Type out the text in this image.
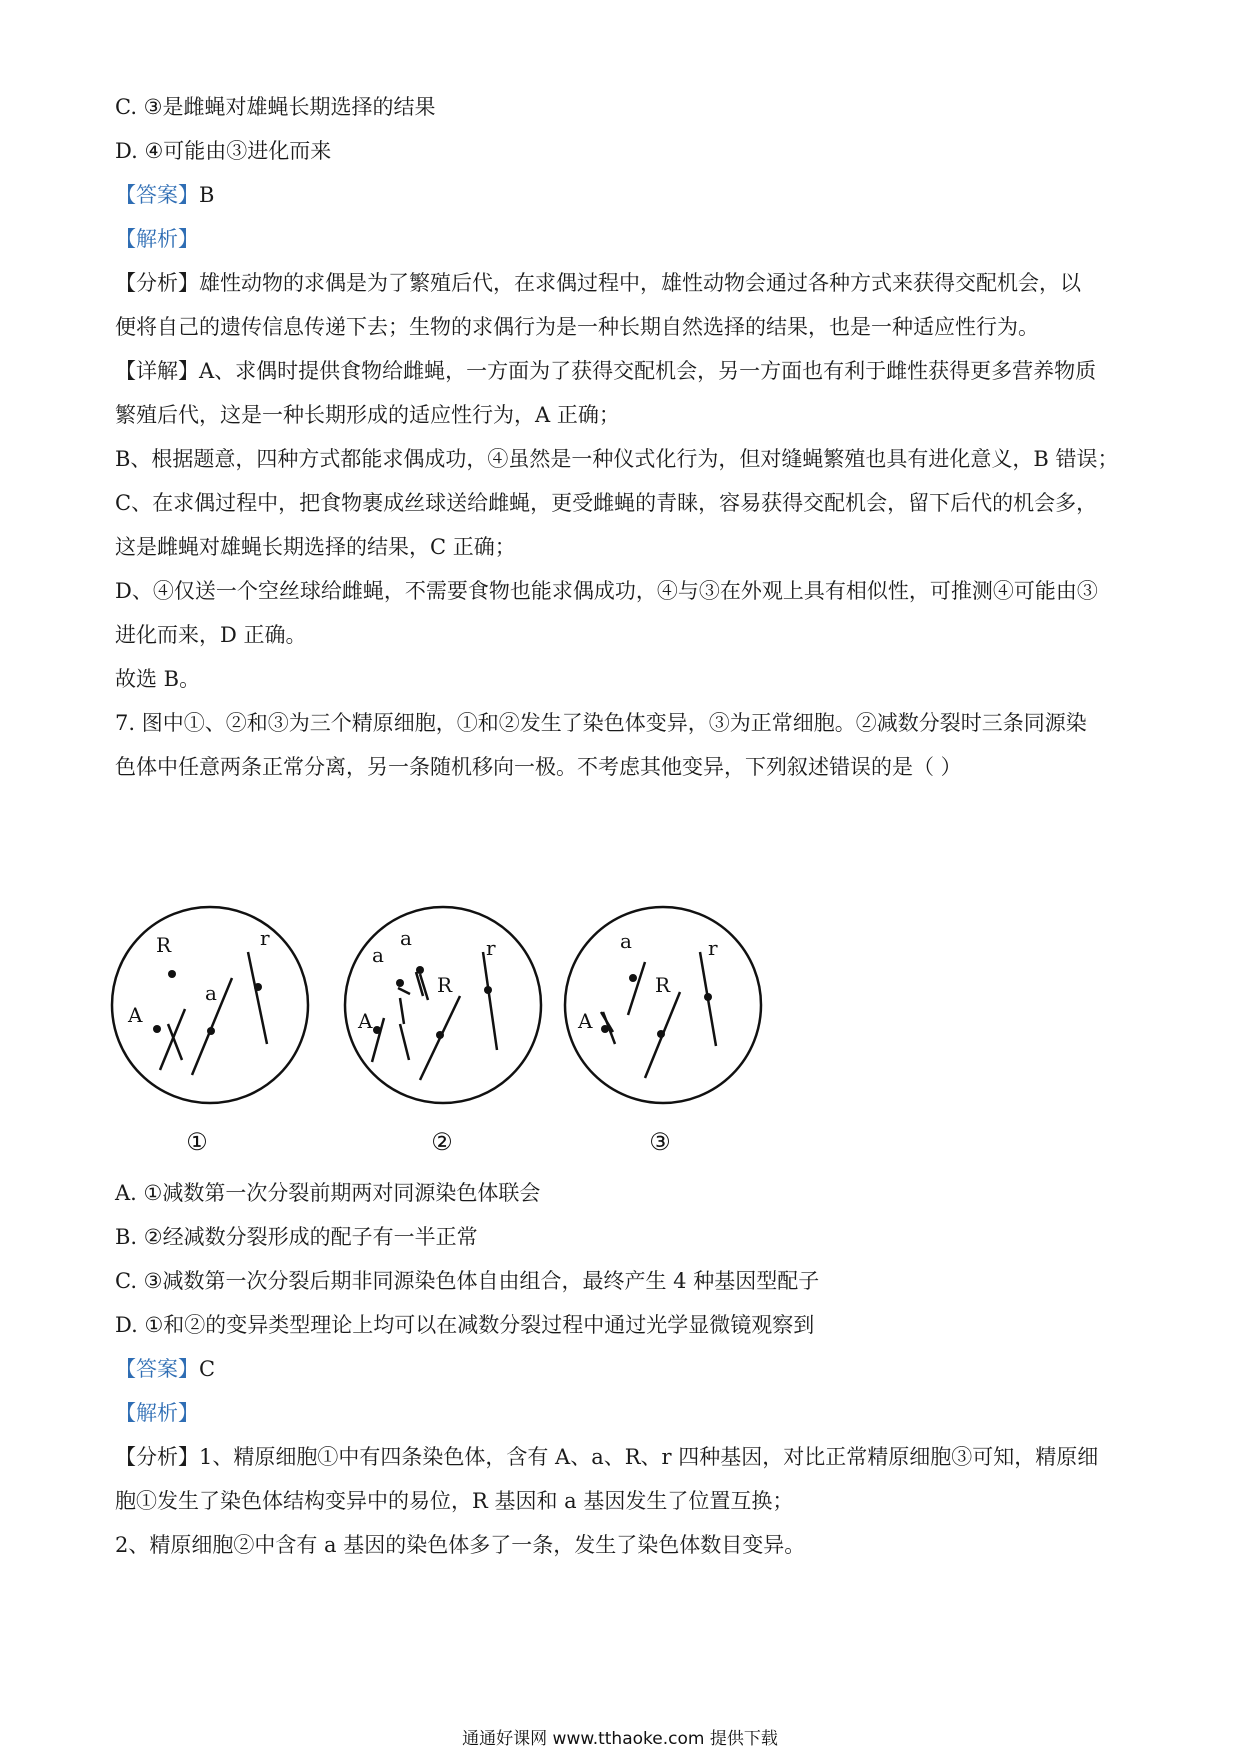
C. ③是雌蝇对雄蝇长期选择的结果
D. ④可能由③进化而来
【答案】B
【解析】
【分析】雄性动物的求偶是为了繁殖后代，在求偶过程中，雄性动物会通过各种方式来获得交配机会，以
便将自己的遗传信息传递下去；生物的求偶行为是一种长期自然选择的结果，也是一种适应性行为。
【详解】A、求偶时提供食物给雌蝇，一方面为了获得交配机会，另一方面也有利于雌性获得更多营养物质
繁殖后代，这是一种长期形成的适应性行为，A 正确；
B、根据题意，四种方式都能求偶成功，④虽然是一种仪式化行为，但对缝蝇繁殖也具有进化意义，B 错误；
C、在求偶过程中，把食物裹成丝球送给雌蝇，更受雌蝇的青睐，容易获得交配机会，留下后代的机会多，
这是雌蝇对雄蝇长期选择的结果，C 正确；
D、④仅送一个空丝球给雌蝇，不需要食物也能求偶成功，④与③在外观上具有相似性，可推测④可能由③
进化而来，D 正确。
故选 B。
7. 图中①、②和③为三个精原细胞，①和②发生了染色体变异，③为正常细胞。②减数分裂时三条同源染
色体中任意两条正常分离，另一条随机移向一极。不考虑其他变异，下列叙述错误的是（ ）
R
A
a
r
a
a
A
R
r	a
A
R
r
①	②	③
A. ①减数第一次分裂前期两对同源染色体联会
B. ②经减数分裂形成的配子有一半正常
C. ③减数第一次分裂后期非同源染色体自由组合，最终产生 4 种基因型配子
D. ①和②的变异类型理论上均可以在减数分裂过程中通过光学显微镜观察到
【答案】C
【解析】
【分析】1、精原细胞①中有四条染色体，含有 A、a、R、r 四种基因，对比正常精原细胞③可知，精原细
胞①发生了染色体结构变异中的易位，R 基因和 a 基因发生了位置互换；
2、精原细胞②中含有 a 基因的染色体多了一条，发生了染色体数目变异。
通通好课网 www.tthaoke.com 提供下载
